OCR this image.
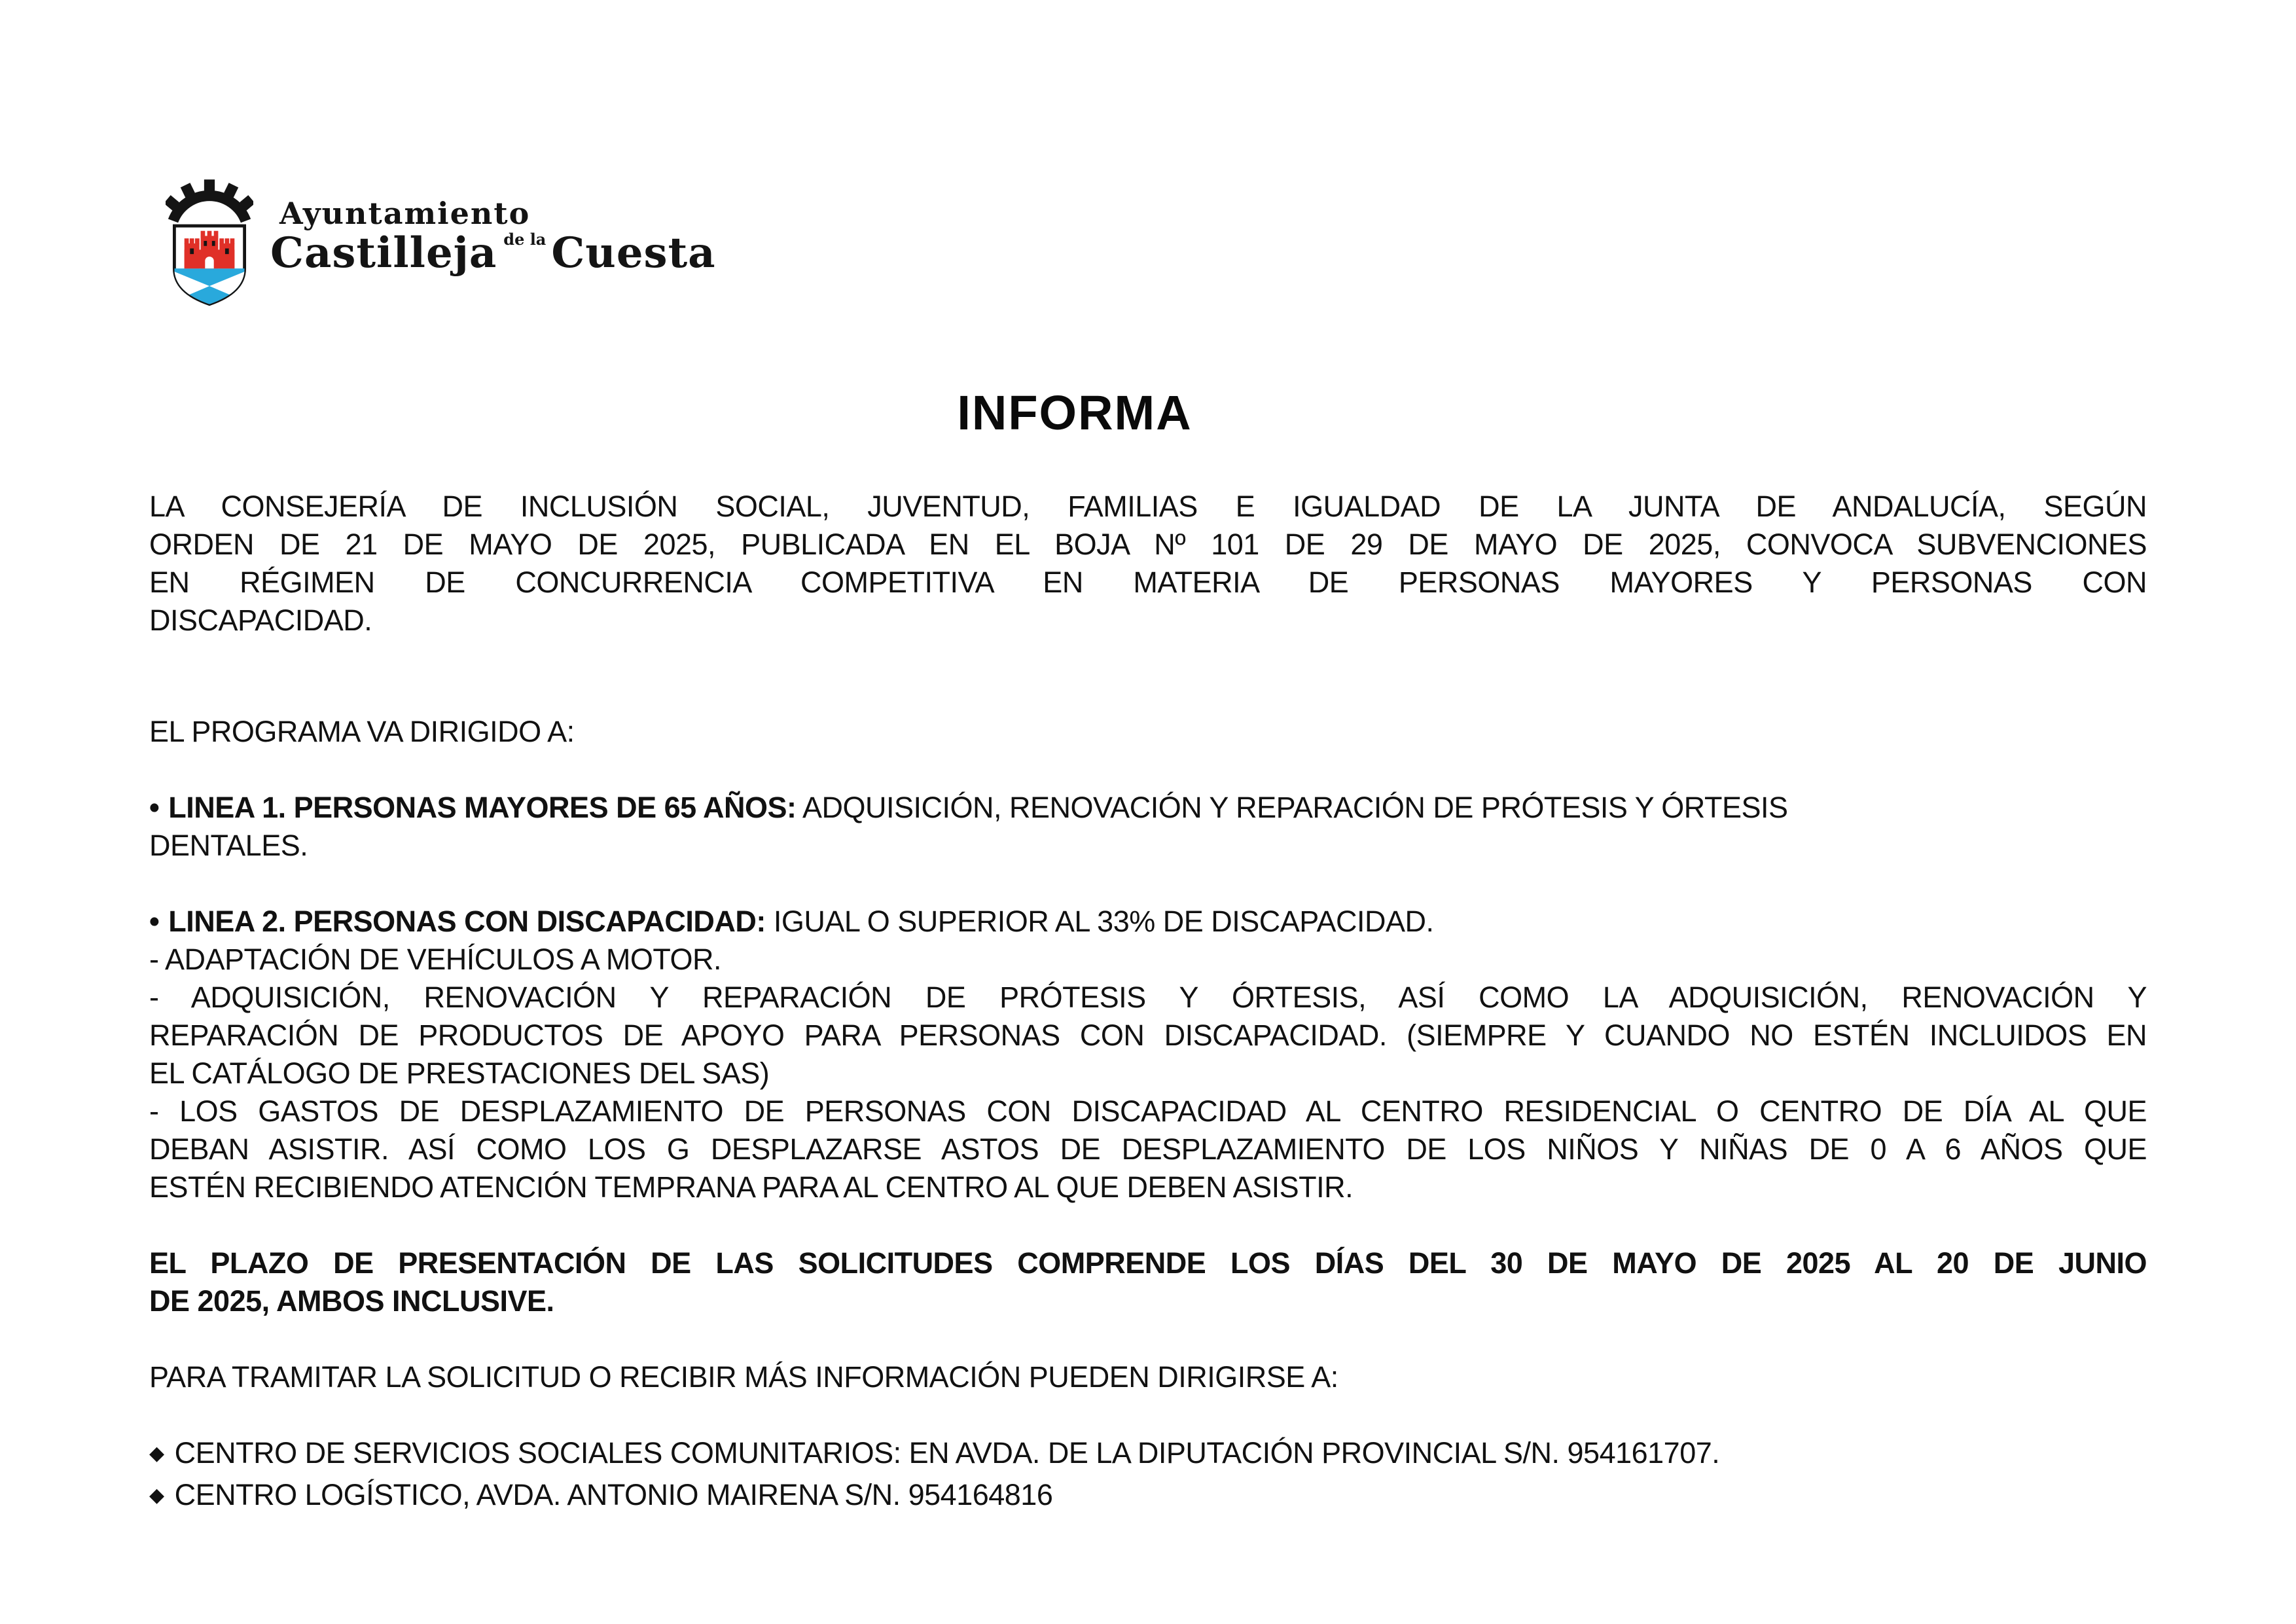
Ayuntamiento
Castilleja de la Cuesta
INFORMA
LA CONSEJERÍA DE INCLUSIÓN SOCIAL, JUVENTUD, FAMILIAS E IGUALDAD DE LA JUNTA DE ANDALUCÍA, SEGÚN
ORDEN DE 21 DE MAYO DE 2025, PUBLICADA EN EL BOJA Nº 101 DE 29 DE MAYO DE 2025, CONVOCA SUBVENCIONES
EN RÉGIMEN DE CONCURRENCIA COMPETITIVA EN MATERIA DE PERSONAS MAYORES Y PERSONAS CON
DISCAPACIDAD.
EL PROGRAMA VA DIRIGIDO A:
• LINEA 1. PERSONAS MAYORES DE 65 AÑOS: ADQUISICIÓN, RENOVACIÓN Y REPARACIÓN DE PRÓTESIS Y ÓRTESIS
DENTALES.
• LINEA 2. PERSONAS CON DISCAPACIDAD: IGUAL O SUPERIOR AL 33% DE DISCAPACIDAD.
- ADAPTACIÓN DE VEHÍCULOS A MOTOR.
- ADQUISICIÓN, RENOVACIÓN Y REPARACIÓN DE PRÓTESIS Y ÓRTESIS, ASÍ COMO LA ADQUISICIÓN, RENOVACIÓN Y
REPARACIÓN DE PRODUCTOS DE APOYO PARA PERSONAS CON DISCAPACIDAD. (SIEMPRE Y CUANDO NO ESTÉN INCLUIDOS EN
EL CATÁLOGO DE PRESTACIONES DEL SAS)
- LOS GASTOS DE DESPLAZAMIENTO DE PERSONAS CON DISCAPACIDAD AL CENTRO RESIDENCIAL O CENTRO DE DÍA AL QUE
DEBAN ASISTIR. ASÍ COMO LOS G DESPLAZARSE ASTOS DE DESPLAZAMIENTO DE LOS NIÑOS Y NIÑAS DE 0 A 6 AÑOS QUE
ESTÉN RECIBIENDO ATENCIÓN TEMPRANA PARA AL CENTRO AL QUE DEBEN ASISTIR.
EL PLAZO DE PRESENTACIÓN DE LAS SOLICITUDES COMPRENDE LOS DÍAS DEL 30 DE MAYO DE 2025 AL 20 DE JUNIO
DE 2025, AMBOS INCLUSIVE.
PARA TRAMITAR LA SOLICITUD O RECIBIR MÁS INFORMACIÓN PUEDEN DIRIGIRSE A:
◆ CENTRO DE SERVICIOS SOCIALES COMUNITARIOS: EN AVDA. DE LA DIPUTACIÓN PROVINCIAL S/N. 954161707.
◆ CENTRO LOGÍSTICO, AVDA. ANTONIO MAIRENA S/N. 954164816
